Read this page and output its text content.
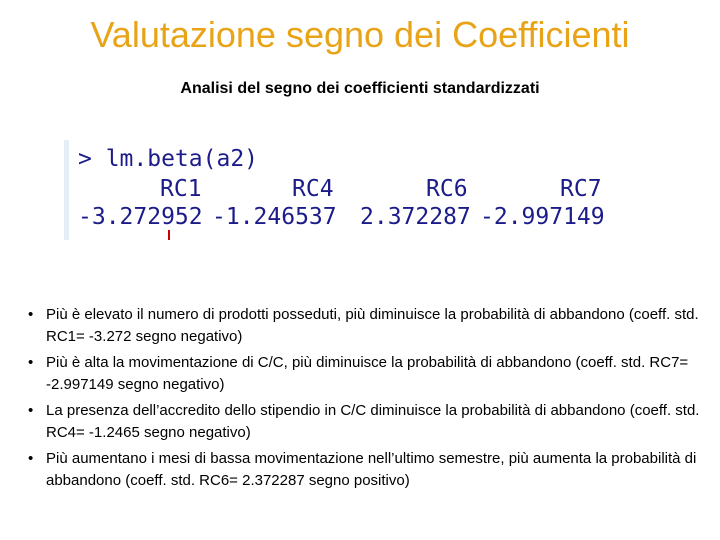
Valutazione segno dei Coefficienti
Analisi del segno dei coefficienti standardizzati
> lm.beta(a2)
RC1	RC4	RC6	RC7
-3.272952 -1.246537 2.372287 -2.997149
• Più è elevato il numero di prodotti posseduti, più diminuisce la probabilità di abbandono (coeff. std. RC1= -3.272 segno negativo)
• Più è alta la movimentazione di C/C, più diminuisce la probabilità di abbandono (coeff. std. RC7= -2.997149 segno negativo)
• La presenza dell’accredito dello stipendio in C/C diminuisce la probabilità di abbandono (coeff. std. RC4= -1.2465 segno negativo)
• Più aumentano i mesi di bassa movimentazione nell’ultimo semestre, più aumenta la probabilità di abbandono (coeff. std. RC6= 2.372287 segno positivo)
